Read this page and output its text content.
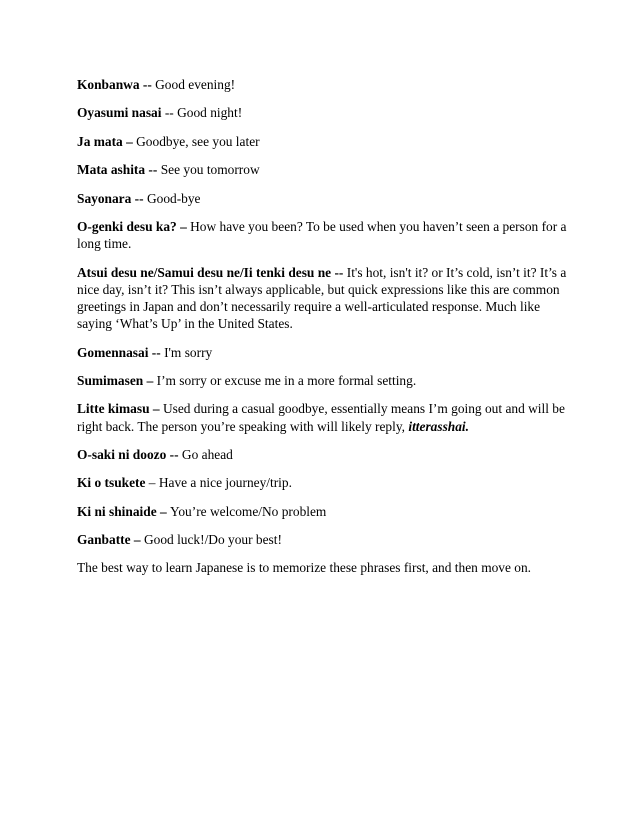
Konbanwa -- Good evening!

Oyasumi nasai -- Good night!

Ja mata – Goodbye, see you later

Mata ashita -- See you tomorrow

Sayonara -- Good-bye

O-genki desu ka? – How have you been? To be used when you haven’t seen a person for a long time.

Atsui desu ne/Samui desu ne/Ii tenki desu ne -- It's hot, isn't it? or It’s cold, isn’t it? It’s a nice day, isn’t it? This isn’t always applicable, but quick expressions like this are common greetings in Japan and don’t necessarily require a well-articulated response. Much like saying ‘What’s Up’ in the United States.

Gomennasai -- I'm sorry

Sumimasen – I’m sorry or excuse me in a more formal setting.

Litte kimasu – Used during a casual goodbye, essentially means I’m going out and will be right back. The person you’re speaking with will likely reply, itterasshai.

O-saki ni doozo -- Go ahead

Ki o tsukete – Have a nice journey/trip.

Ki ni shinaide – You’re welcome/No problem

Ganbatte – Good luck!/Do your best!

The best way to learn Japanese is to memorize these phrases first, and then move on.
